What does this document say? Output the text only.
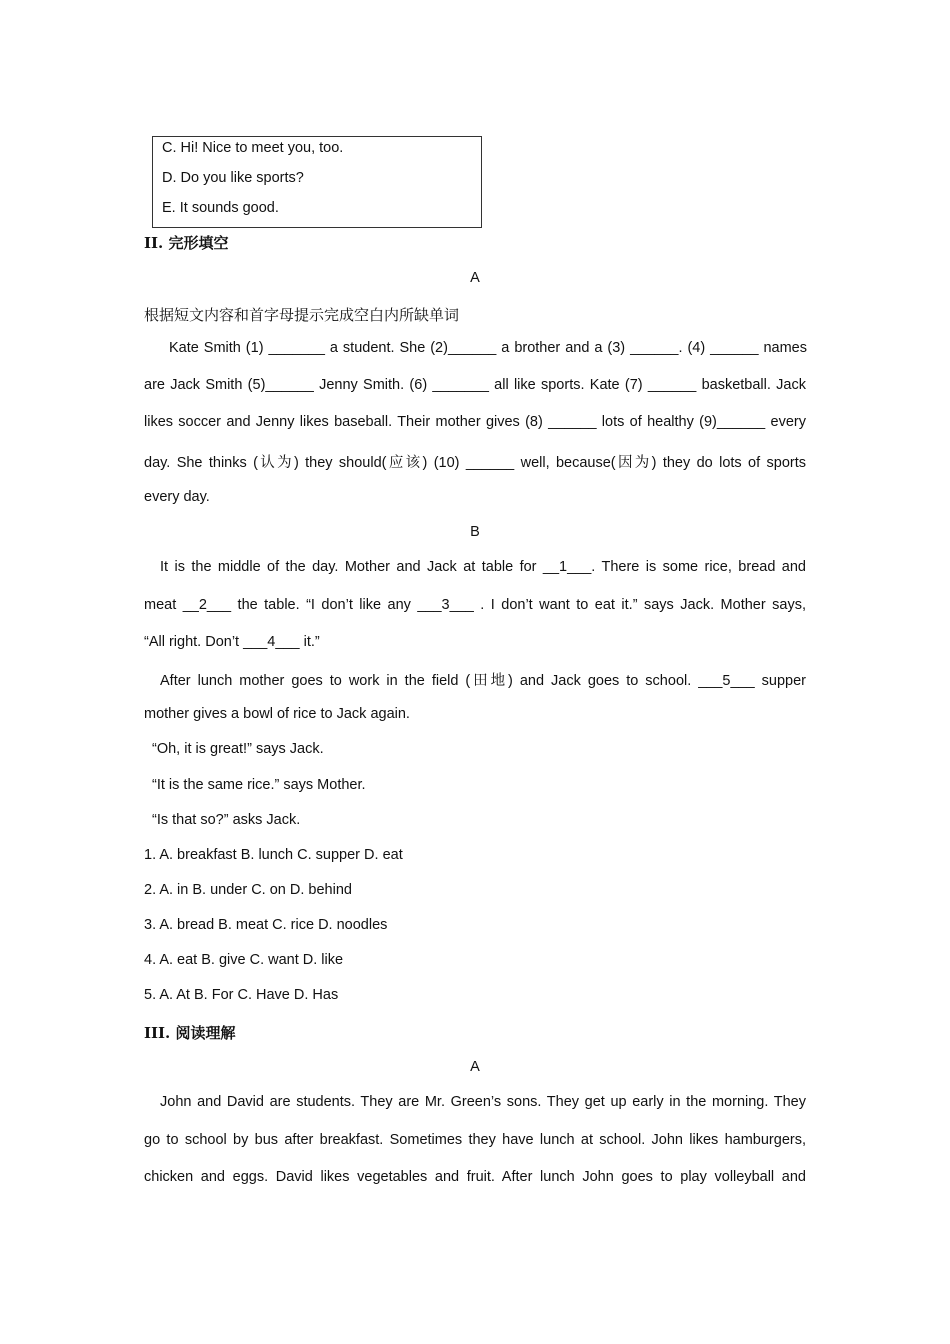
C. Hi! Nice to meet you, too.
D. Do you like sports?
E. It sounds good.
II. 完形填空
A
根据短文内容和首字母提示完成空白内所缺单词
Kate Smith (1) _______ a student. She (2)______ a brother and a (3) ______. (4) ______ names
are Jack Smith (5)______ Jenny Smith. (6) _______ all like sports. Kate (7) ______ basketball. Jack
likes soccer and Jenny likes baseball. Their mother gives (8) ______ lots of healthy (9)______ every
day. She thinks (认为) they should(应该) (10) ______ well, because(因为) they do lots of sports
every day.
B
It is the middle of the day. Mother and Jack at table for __1___. There is some rice, bread and
meat __2___ the table. “I don’t like any ___3___ . I don’t want to eat it.” says Jack. Mother says,
“All right. Don’t ___4___ it.”
After lunch mother goes to work in the field (田地) and Jack goes to school. ___5___ supper
mother gives a bowl of rice to Jack again.
“Oh, it is great!” says Jack.
“It is the same rice.” says Mother.
“Is that so?” asks Jack.
1. A. breakfast B. lunch C. supper D. eat
2. A. in B. under C. on D. behind
3. A. bread B. meat C. rice D. noodles
4. A. eat B. give C. want D. like
5. A. At B. For C. Have D. Has
III. 阅读理解
A
John and David are students. They are Mr. Green’s sons. They get up early in the morning. They
go to school by bus after breakfast. Sometimes they have lunch at school. John likes hamburgers,
chicken and eggs. David likes vegetables and fruit. After lunch John goes to play volleyball and
